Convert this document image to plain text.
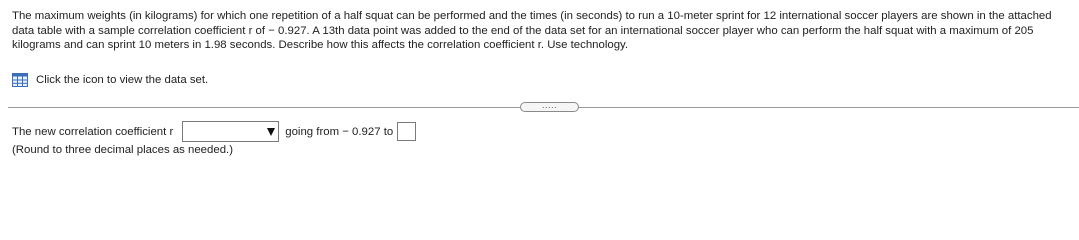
The maximum weights (in kilograms) for which one repetition of a half squat can be performed and the times (in seconds) to run a 10-meter sprint for 12 international soccer players are shown in the attached data table with a sample correlation coefficient r of − 0.927. A 13th data point was added to the end of the data set for an international soccer player who can perform the half squat with a maximum of 205 kilograms and can sprint 10 meters in 1.98 seconds. Describe how this affects the correlation coefficient r. Use technology.

Click the icon to view the data set.
.....
The new correlation coefficient r	going from − 0.927 to
(Round to three decimal places as needed.)
